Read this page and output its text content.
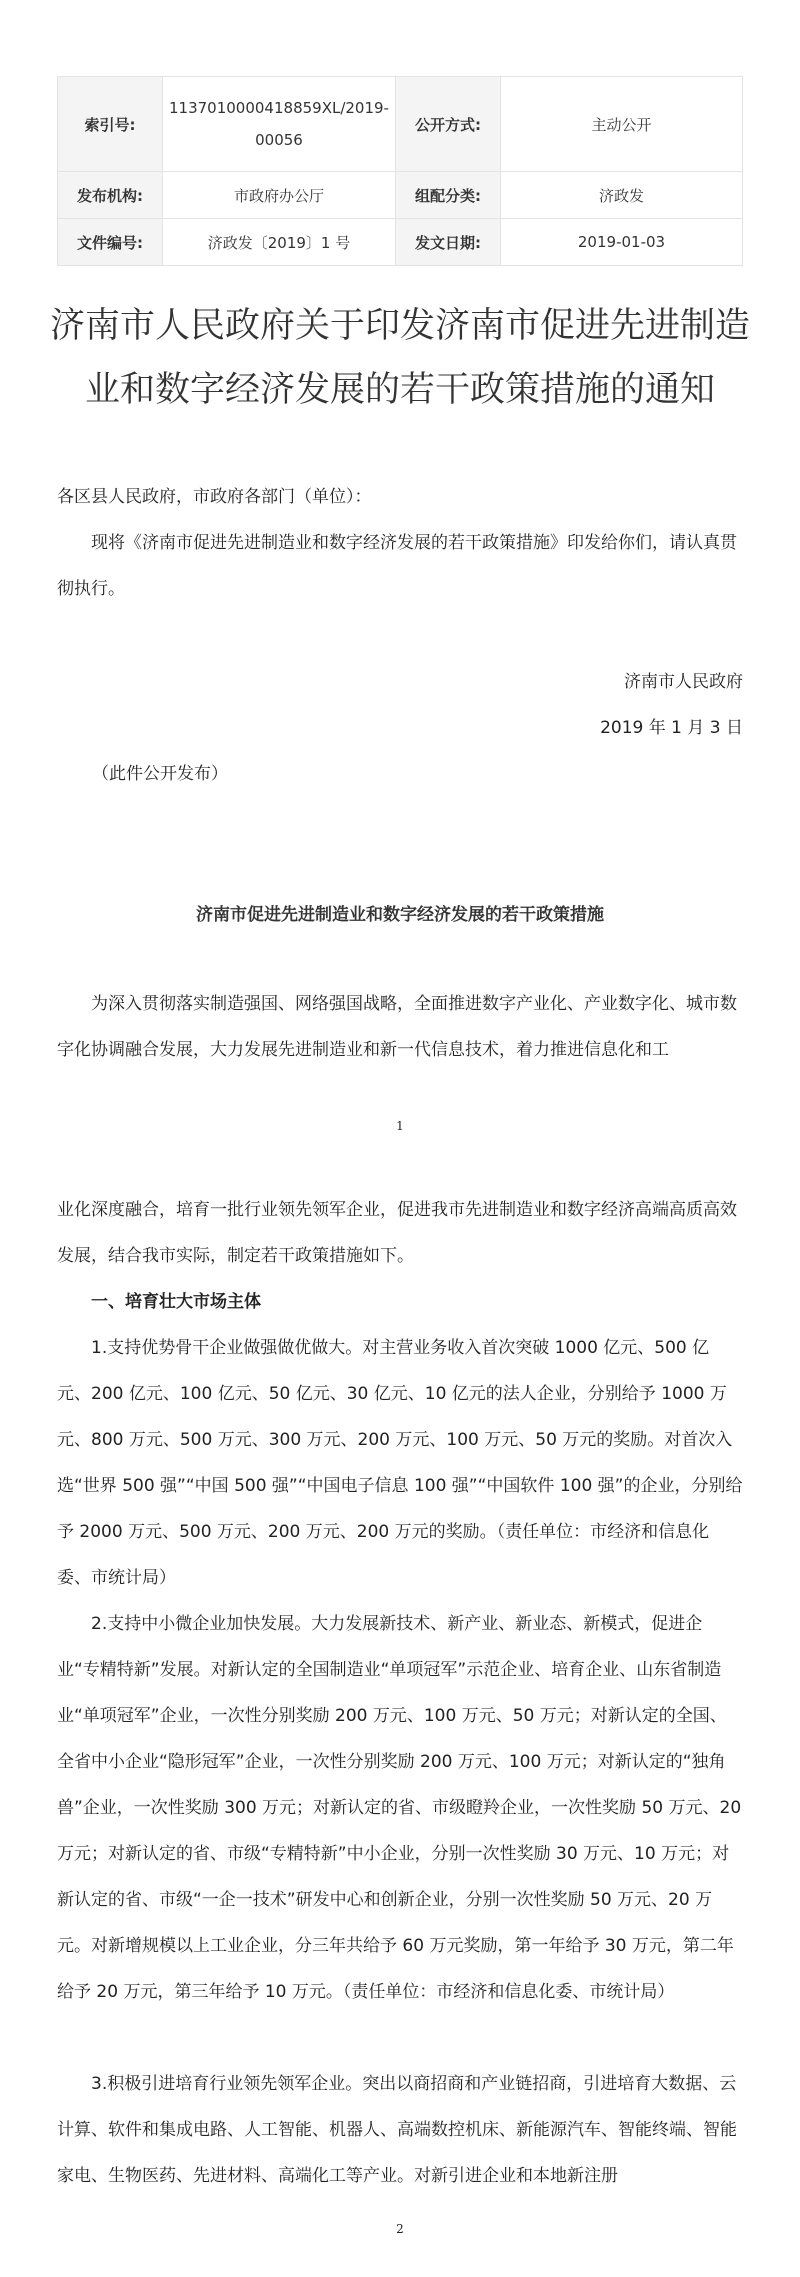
索引号:	1137010000418859XL/2019-00056	公开方式:	主动公开
发布机构:	市政府办公厅	组配分类:	济政发
文件编号:	济政发〔2019〕1 号	发文日期:	2019-01-03
济南市人民政府关于印发济南市促进先进制造业和数字经济发展的若干政策措施的通知

各区县人民政府，市政府各部门（单位）：

现将《济南市促进先进制造业和数字经济发展的若干政策措施》印发给你们，请认真贯彻执行。

济南市人民政府

2019 年 1 月 3 日

（此件公开发布）

济南市促进先进制造业和数字经济发展的若干政策措施

为深入贯彻落实制造强国、网络强国战略，全面推进数字产业化、产业数字化、城市数字化协调融合发展，大力发展先进制造业和新一代信息技术，着力推进信息化和工

1

业化深度融合，培育一批行业领先领军企业，促进我市先进制造业和数字经济高端高质高效发展，结合我市实际，制定若干政策措施如下。

一、培育壮大市场主体

1.支持优势骨干企业做强做优做大。对主营业务收入首次突破 1000 亿元、500 亿元、200 亿元、100 亿元、50 亿元、30 亿元、10 亿元的法人企业，分别给予 1000 万元、800 万元、500 万元、300 万元、200 万元、100 万元、50 万元的奖励。对首次入选“世界 500 强”“中国 500 强”“中国电子信息 100 强”“中国软件 100 强”的企业，分别给予 2000 万元、500 万元、200 万元、200 万元的奖励。（责任单位：市经济和信息化委、市统计局）

2.支持中小微企业加快发展。大力发展新技术、新产业、新业态、新模式，促进企业“专精特新”发展。对新认定的全国制造业“单项冠军”示范企业、培育企业、山东省制造业“单项冠军”企业，一次性分别奖励 200 万元、100 万元、50 万元；对新认定的全国、全省中小企业“隐形冠军”企业，一次性分别奖励 200 万元、100 万元；对新认定的“独角兽”企业，一次性奖励 300 万元；对新认定的省、市级瞪羚企业，一次性奖励 50 万元、20 万元；对新认定的省、市级“专精特新”中小企业，分别一次性奖励 30 万元、10 万元；对新认定的省、市级“一企一技术”研发中心和创新企业，分别一次性奖励 50 万元、20 万元。对新增规模以上工业企业，分三年共给予 60 万元奖励，第一年给予 30 万元，第二年给予 20 万元，第三年给予 10 万元。（责任单位：市经济和信息化委、市统计局）

3.积极引进培育行业领先领军企业。突出以商招商和产业链招商，引进培育大数据、云计算、软件和集成电路、人工智能、机器人、高端数控机床、新能源汽车、智能终端、智能家电、生物医药、先进材料、高端化工等产业。对新引进企业和本地新注册

2
